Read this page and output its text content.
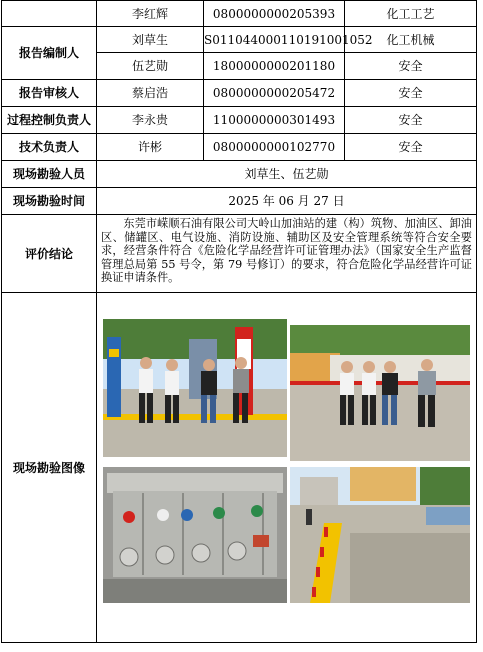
	李红辉	0800000000205393	化工工艺
报告编制人	刘草生	S011044000110191001052	化工机械
	伍艺勋	1800000000201180	安全
报告审核人	蔡启浩	0800000000205472	安全
过程控制负责人	李永贵	1100000000301493	安全
技术负责人	许彬	0800000000102770	安全
现场勘验人员	刘草生、伍艺勋		
现场勘验时间	2025 年 06 月 27 日		
评价结论	东莞市嵘顺石油有限公司大岭山加油站的建（构）筑物、加油区、卸油区、储罐区、电气设施、消防设施、辅助区及安全管理系统等符合安全要求，经营条件符合《危险化学品经营许可证管理办法》（国家安全生产监督管理总局第 55 号令，第 79 号修订）的要求，符合危险化学品经营许可证换证申请条件。		
现场勘验图像	
